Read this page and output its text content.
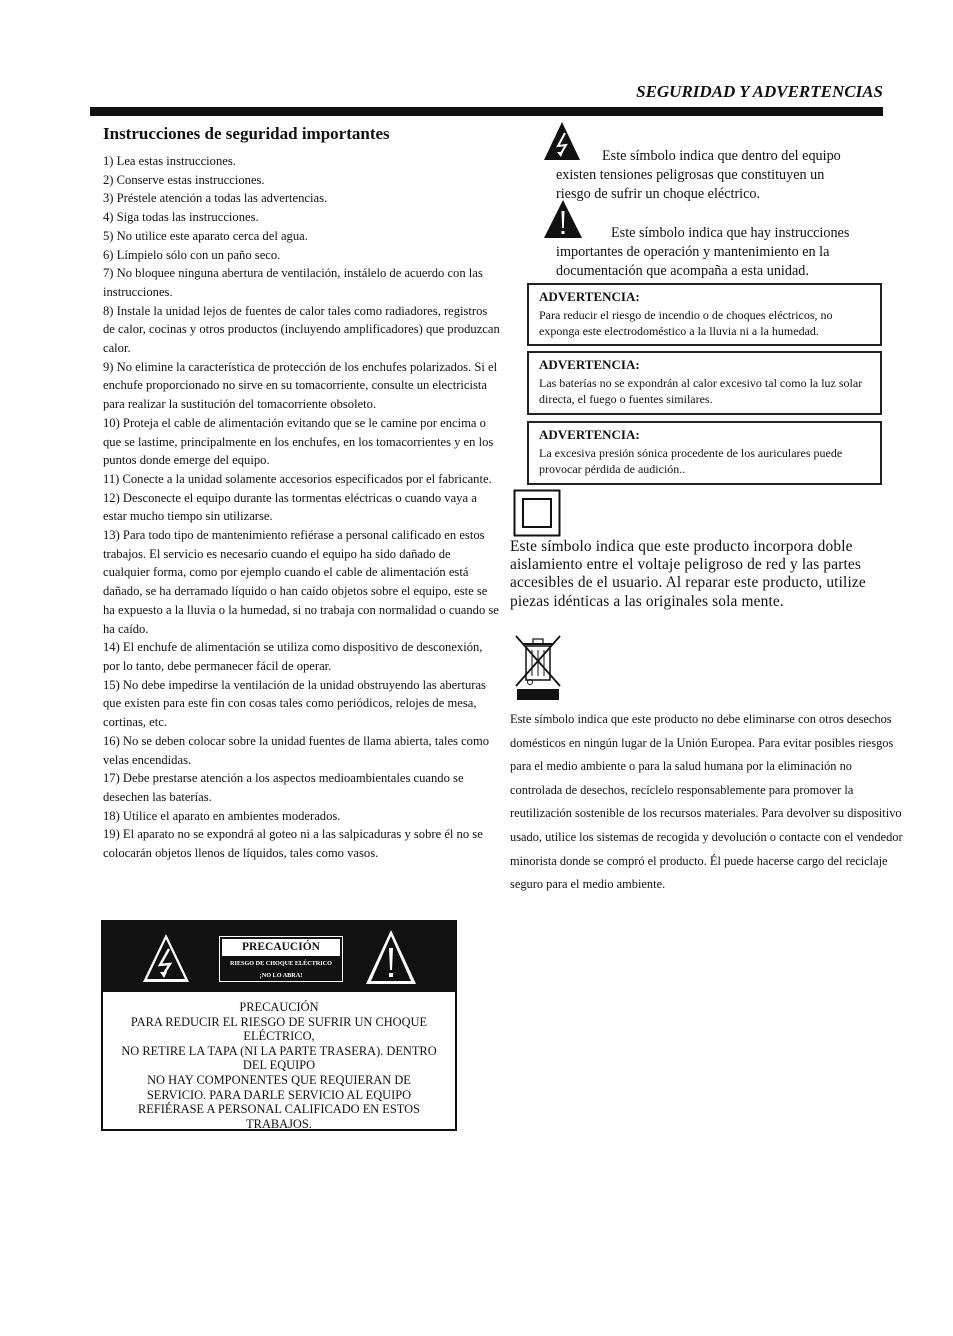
SEGURIDAD Y ADVERTENCIAS
Instrucciones de seguridad importantes

1) Lea estas instrucciones.

2) Conserve estas instrucciones.

3) Préstele atención a todas las advertencias.

4) Siga todas las instrucciones.

5) No utilice este aparato cerca del agua.

6) Límpielo sólo con un paño seco.

7) No bloquee ninguna abertura de ventilación, instálelo de acuerdo con las instrucciones.

8) Instale la unidad lejos de fuentes de calor tales como radiadores, registros de calor, cocinas y otros productos (incluyendo amplificadores) que produzcan calor.

9) No elimine la característica de protección de los enchufes polarizados. Si el enchufe proporcionado no sirve en su tomacorriente, consulte un electricista para realizar la sustitución del tomacorriente obsoleto.

10) Proteja el cable de alimentación evitando que se le camine por encima o que se lastime, principalmente en los enchufes, en los tomacorrientes y en los puntos donde emerge del equipo.

11) Conecte a la unidad solamente accesorios especificados por el fabricante.

12) Desconecte el equipo durante las tormentas eléctricas o cuando vaya a estar mucho tiempo sin utilizarse.

13) Para todo tipo de mantenimiento refiérase a personal calificado en estos trabajos. El servicio es necesario cuando el equipo ha sido dañado de cualquier forma, como por ejemplo cuando el cable de alimentación está dañado, se ha derramado líquido o han caído objetos sobre el equipo, este se ha expuesto a la lluvia o la humedad, si no trabaja con normalidad o cuando se ha caído.

14) El enchufe de alimentación se utiliza como dispositivo de desconexión, por lo tanto, debe permanecer fácil de operar.

15) No debe impedirse la ventilación de la unidad obstruyendo las aberturas que existen para este fin con cosas tales como periódicos, relojes de mesa, cortinas, etc.

16) No se deben colocar sobre la unidad fuentes de llama abierta, tales como velas encendidas.

17) Debe prestarse atención a los aspectos medioambientales cuando se desechen las baterías.

18) Utilice el aparato en ambientes moderados.

19) El aparato no se expondrá al goteo ni a las salpicaduras y sobre él no se colocarán objetos llenos de líquidos, tales como vasos.

Este símbolo indica que dentro del equipo
existen tensiones peligrosas que constituyen un
riesgo de sufrir un choque eléctrico.
Este símbolo indica que hay instrucciones
importantes de operación y mantenimiento en la
documentación que acompaña a esta unidad.
ADVERTENCIA:
Para reducir el riesgo de incendio o de choques eléctricos, no exponga este electrodoméstico a la lluvia ni a la humedad.
ADVERTENCIA:
Las baterías no se expondrán al calor excesivo tal como la luz solar directa, el fuego o fuentes similares.
ADVERTENCIA:
La excesiva presión sónica procedente de los auriculares puede provocar pérdida de audición..
Este símbolo indica que este producto incorpora doble aislamiento entre el voltaje peligroso de red y las partes accesibles de el usuario. Al reparar este producto, utilize piezas idénticas a las originales sola mente.
Este símbolo indica que este producto no debe eliminarse con otros desechos domésticos en ningún lugar de la Unión Europea. Para evitar posibles riesgos para el medio ambiente o para la salud humana por la eliminación no controlada de desechos, recíclelo responsablemente para promover la reutilización sostenible de los recursos materiales. Para devolver su dispositivo usado, utilice los sistemas de recogida y devolución o contacte con el vendedor minorista donde se compró el producto. Él puede hacerse cargo del reciclaje seguro para el medio ambiente.
PRECAUCIÓN
RIESGO DE CHOQUE ELÉCTRICO
¡NO LO ABRA!
PRECAUCIÓN
PARA REDUCIR EL RIESGO DE SUFRIR UN CHOQUE
ELÉCTRICO,
NO RETIRE LA TAPA (NI LA PARTE TRASERA). DENTRO
DEL EQUIPO
NO HAY COMPONENTES QUE REQUIERAN DE
SERVICIO. PARA DARLE SERVICIO AL EQUIPO
REFIÉRASE A PERSONAL CALIFICADO EN ESTOS
TRABAJOS.
